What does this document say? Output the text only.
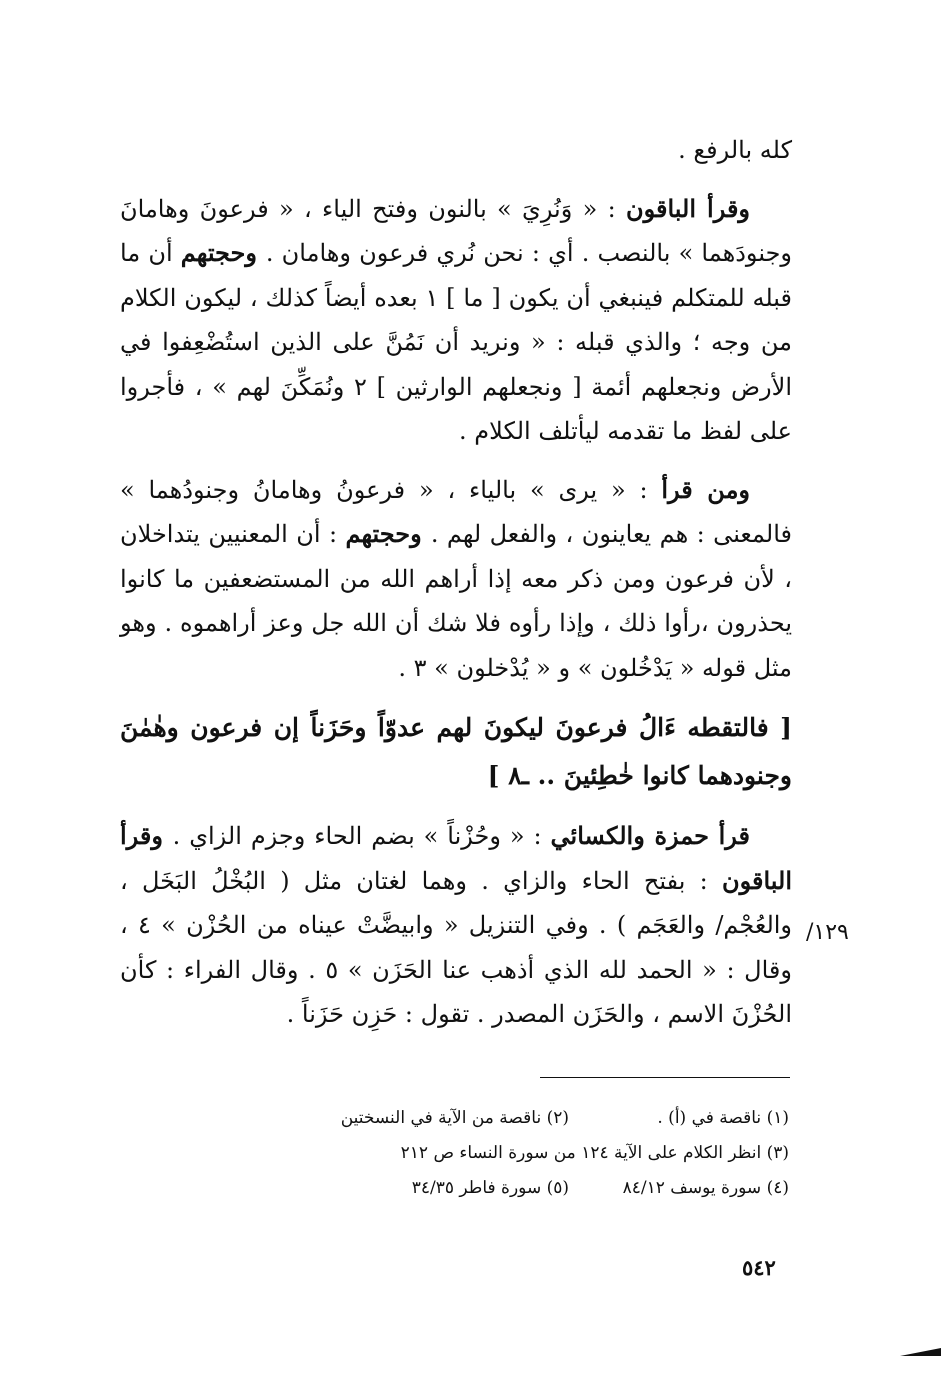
كله بالرفع .

وقرأ الباقون : « وَنُرِيَ » بالنون وفتح الياء ، « فرعونَ وهامانَ وجنودَهما » بالنصب . أي : نحن نُري فرعون وهامان . وحجتهم أن ما قبله للمتكلم فينبغي أن يكون [ ما ] ١ بعده أيضاً كذلك ، ليكون الكلام من وجه ؛ والذي قبله : « ونريد أن نَمُنَّ على الذين استُضْعِفوا في الأرض ونجعلهم أئمة [ ونجعلهم الوارثين ] ٢ ونُمَكِّنَ لهم » ، فأجروا على لفظ ما تقدمه ليأتلف الكلام .

ومن قرأ : « يرى » بالياء ، « فرعونُ وهامانُ وجنودُهما » فالمعنى : هم يعاينون ، والفعل لهم . وحجتهم : أن المعنيين يتداخلان ، لأن فرعون ومن ذكر معه إذا أراهم الله من المستضعفين ما كانوا يحذرون ،رأوا ذلك ، وإذا رأوه فلا شك أن الله جل وعز أراهموه . وهو مثل قوله « يَدْخُلون » و « يُدْخلون » ٣ .

[ فالتقطه ءَالُ فرعونَ ليكونَ لهم عدوّاً وحَزَناً إن فرعون وهٰمٰنَ وجنودهما كانوا خٰطِئينَ .. ـ٨ ]

قرأ حمزة والكسائي : « وحُزْناً » بضم الحاء وجزم الزاي . وقرأ الباقون : بفتح الحاء والزاي . وهما لغتان مثل ( البُخْلُ البَخَل ، والعُجْم/ والعَجَم ) . وفي التنزيل « وابيضَّتْ عيناه من الحُزْن » ٤ ، وقال : « الحمد لله الذي أذهب عنا الحَزَن » ٥ . وقال الفراء : كأن الحُزْنَ الاسم ، والحَزَن المصدر . تقول : حَزِن حَزَناً .

١٢٩/
(١) ناقصة في (أ) .
(٢) ناقصة من الآية في النسختين
(٣) انظر الكلام على الآية ١٢٤ من سورة النساء ص ٢١٢
(٤) سورة يوسف ٨٤/١٢
(٥) سورة فاطر ٣٤/٣٥
٥٤٢
